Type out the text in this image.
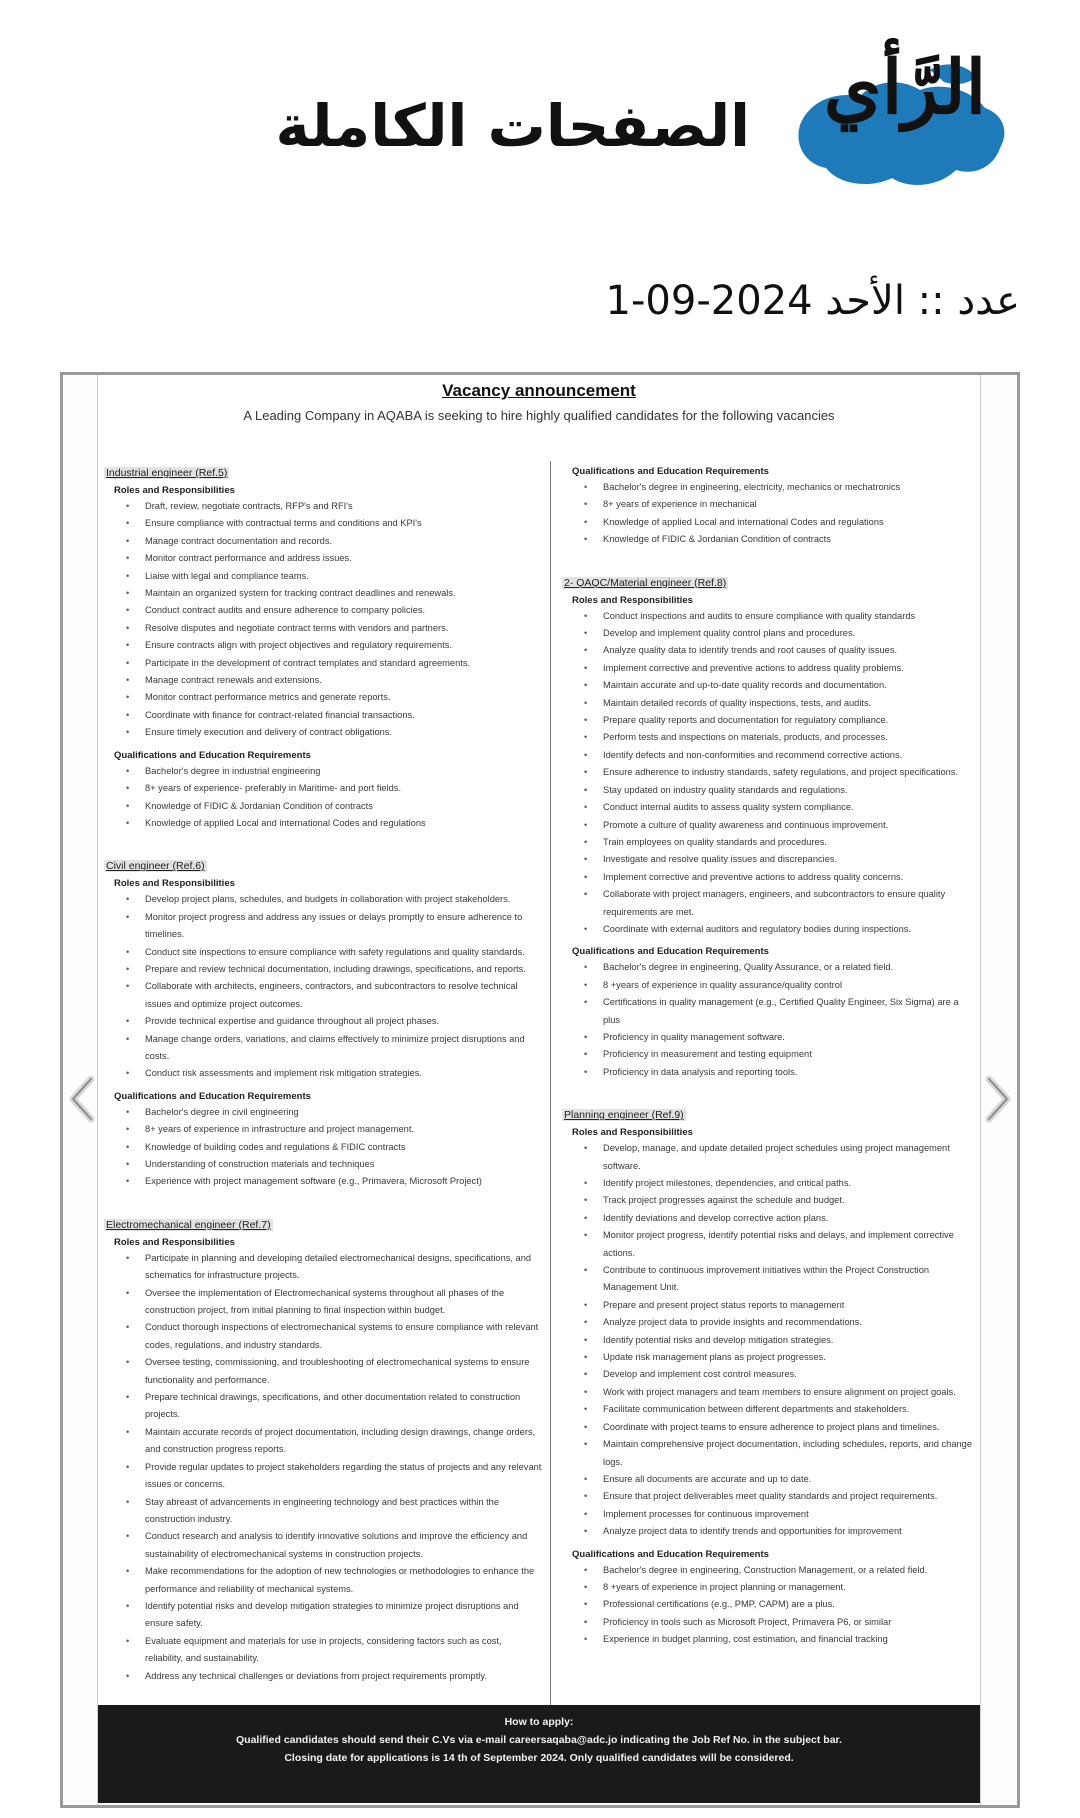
الرَّأي
الصفحات الكاملة
عدد :: الأحد 1-09-2024
Vacancy announcement
A Leading Company in AQABA is seeking to hire highly qualified candidates for the following vacancies
Industrial engineer (Ref.5)
Roles and Responsibilities
• Draft, review, negotiate contracts, RFP's and RFI's
• Ensure compliance with contractual terms and conditions and KPI's
• Manage contract documentation and records.
• Monitor contract performance and address issues.
• Liaise with legal and compliance teams.
• Maintain an organized system for tracking contract deadlines and renewals.
• Conduct contract audits and ensure adherence to company policies.
• Resolve disputes and negotiate contract terms with vendors and partners.
• Ensure contracts align with project objectives and regulatory requirements.
• Participate in the development of contract templates and standard agreements.
• Manage contract renewals and extensions.
• Monitor contract performance metrics and generate reports.
• Coordinate with finance for contract-related financial transactions.
• Ensure timely execution and delivery of contract obligations.
Qualifications and Education Requirements
• Bachelor's degree in industrial engineering
• 8+ years of experience- preferably in Maritime- and port fields.
• Knowledge of FIDIC & Jordanian Condition of contracts
• Knowledge of applied Local and international Codes and regulations
Civil engineer (Ref.6)
Roles and Responsibilities
• Develop project plans, schedules, and budgets in collaboration with project stakeholders.
• Monitor project progress and address any issues or delays promptly to ensure adherence to timelines.
• Conduct site inspections to ensure compliance with safety regulations and quality standards.
• Prepare and review technical documentation, including drawings, specifications, and reports.
• Collaborate with architects, engineers, contractors, and subcontractors to resolve technical issues and optimize project outcomes.
• Provide technical expertise and guidance throughout all project phases.
• Manage change orders, variations, and claims effectively to minimize project disruptions and costs.
• Conduct risk assessments and implement risk mitigation strategies.
Qualifications and Education Requirements
• Bachelor's degree in civil engineering
• 8+ years of experience in infrastructure and project management.
• Knowledge of building codes and regulations & FIDIC contracts
• Understanding of construction materials and techniques
• Experience with project management software (e.g., Primavera, Microsoft Project)
Electromechanical engineer (Ref.7)
Roles and Responsibilities
• Participate in planning and developing detailed electromechanical designs, specifications, and schematics for infrastructure projects.
• Oversee the implementation of Electromechanical systems throughout all phases of the construction project, from initial planning to final inspection within budget.
• Conduct thorough inspections of electromechanical systems to ensure compliance with relevant codes, regulations, and industry standards.
• Oversee testing, commissioning, and troubleshooting of electromechanical systems to ensure functionality and performance.
• Prepare technical drawings, specifications, and other documentation related to construction projects.
• Maintain accurate records of project documentation, including design drawings, change orders, and construction progress reports.
• Provide regular updates to project stakeholders regarding the status of projects and any relevant issues or concerns.
• Stay abreast of advancements in engineering technology and best practices within the construction industry.
• Conduct research and analysis to identify innovative solutions and improve the efficiency and sustainability of electromechanical systems in construction projects.
• Make recommendations for the adoption of new technologies or methodologies to enhance the performance and reliability of mechanical systems.
• Identify potential risks and develop mitigation strategies to minimize project disruptions and ensure safety.
• Evaluate equipment and materials for use in projects, considering factors such as cost, reliability, and sustainability.
• Address any technical challenges or deviations from project requirements promptly.
Qualifications and Education Requirements
• Bachelor's degree in engineering, electricity, mechanics or mechatronics
• 8+ years of experience in mechanical
• Knowledge of applied Local and international Codes and regulations
• Knowledge of FIDIC & Jordanian Condition of contracts
2- QAQC/Material engineer (Ref.8)
Roles and Responsibilities
• Conduct inspections and audits to ensure compliance with quality standards
• Develop and implement quality control plans and procedures.
• Analyze quality data to identify trends and root causes of quality issues.
• Implement corrective and preventive actions to address quality problems.
• Maintain accurate and up-to-date quality records and documentation.
• Maintain detailed records of quality inspections, tests, and audits.
• Prepare quality reports and documentation for regulatory compliance.
• Perform tests and inspections on materials, products, and processes.
• Identify defects and non-conformities and recommend corrective actions.
• Ensure adherence to industry standards, safety regulations, and project specifications.
• Stay updated on industry quality standards and regulations.
• Conduct internal audits to assess quality system compliance.
• Promote a culture of quality awareness and continuous improvement.
• Train employees on quality standards and procedures.
• Investigate and resolve quality issues and discrepancies.
• Implement corrective and preventive actions to address quality concerns.
• Collaborate with project managers, engineers, and subcontractors to ensure quality requirements are met.
• Coordinate with external auditors and regulatory bodies during inspections.
Qualifications and Education Requirements
• Bachelor's degree in engineering, Quality Assurance, or a related field.
• 8 +years of experience in quality assurance/quality control
• Certifications in quality management (e.g., Certified Quality Engineer, Six Sigma) are a plus
• Proficiency in quality management software.
• Proficiency in measurement and testing equipment
• Proficiency in data analysis and reporting tools.
Planning engineer (Ref.9)
Roles and Responsibilities
• Develop, manage, and update detailed project schedules using project management software.
• Identify project milestones, dependencies, and critical paths.
• Track project progresses against the schedule and budget.
• Identify deviations and develop corrective action plans.
• Monitor project progress, identify potential risks and delays, and implement corrective actions.
• Contribute to continuous improvement initiatives within the Project Construction Management Unit.
• Prepare and present project status reports to management
• Analyze project data to provide insights and recommendations.
• Identify potential risks and develop mitigation strategies.
• Update risk management plans as project progresses.
• Develop and implement cost control measures.
• Work with project managers and team members to ensure alignment on project goals.
• Facilitate communication between different departments and stakeholders.
• Coordinate with project teams to ensure adherence to project plans and timelines.
• Maintain comprehensive project documentation, including schedules, reports, and change logs.
• Ensure all documents are accurate and up to date.
• Ensure that project deliverables meet quality standards and project requirements.
• Implement processes for continuous improvement
• Analyze project data to identify trends and opportunities for improvement
Qualifications and Education Requirements
• Bachelor's degree in engineering, Construction Management, or a related field.
• 8 +years of experience in project planning or management.
• Professional certifications (e.g., PMP, CAPM) are a plus.
• Proficiency in tools such as Microsoft Project, Primavera P6, or similar
• Experience in budget planning, cost estimation, and financial tracking
How to apply:
Qualified candidates should send their C.Vs via e-mail careersaqaba@adc.jo indicating the Job Ref No. in the subject bar.
Closing date for applications is 14 th of September 2024. Only qualified candidates will be considered.
